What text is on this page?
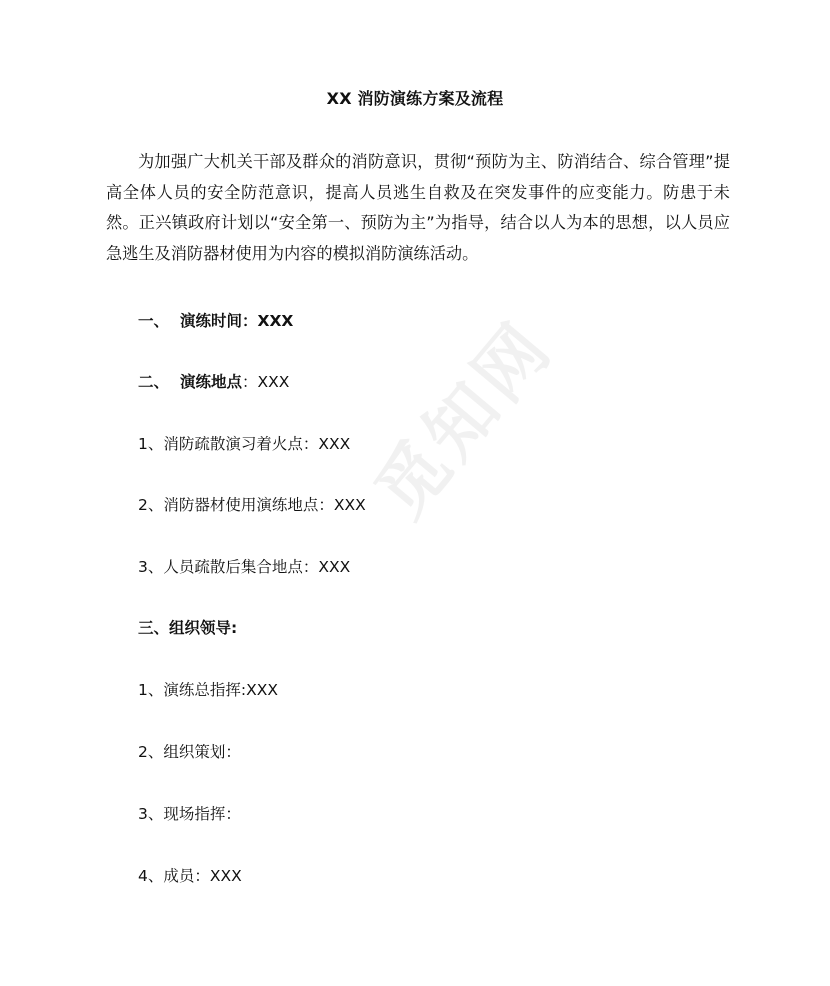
觅知网
XX 消防演练方案及流程

为加强广大机关干部及群众的消防意识，贯彻“预防为主、防消结合、综合管理”提高全体人员的安全防范意识，提高人员逃生自救及在突发事件的应变能力。防患于未然。正兴镇政府计划以“安全第一、预防为主”为指导，结合以人为本的思想，以人员应急逃生及消防器材使用为内容的模拟消防演练活动。

一、 演练时间：XXX
二、 演练地点：XXX
1、消防疏散演习着火点：XXX
2、消防器材使用演练地点：XXX
3、人员疏散后集合地点：XXX
三、组织领导:
1、演练总指挥:XXX
2、组织策划：
3、现场指挥：
4、成员：XXX
